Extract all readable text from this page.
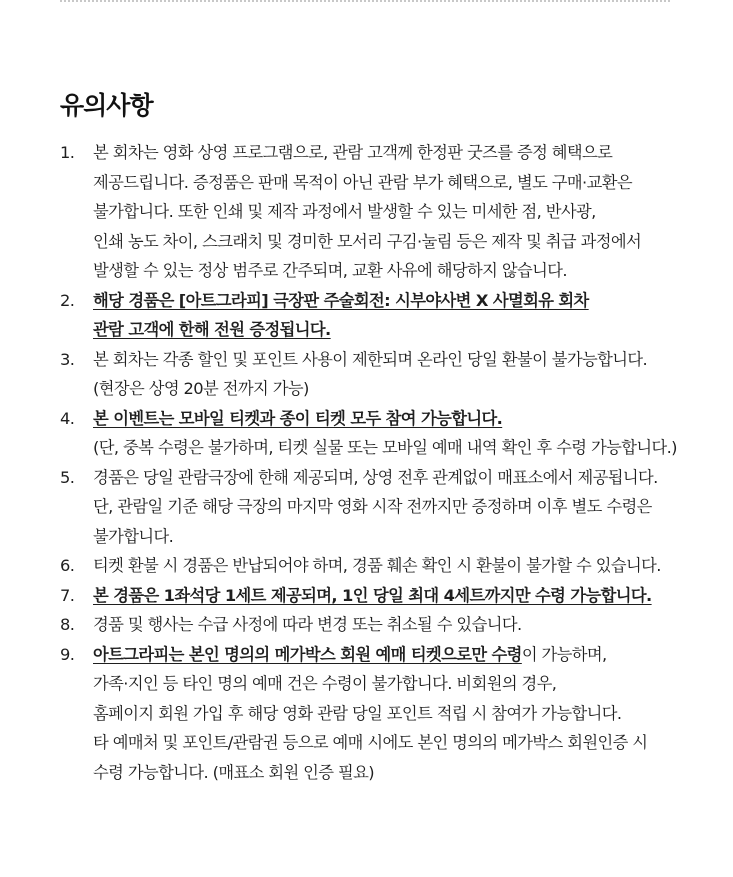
유의사항
1.	본 회차는 영화 상영 프로그램으로, 관람 고객께 한정판 굿즈를 증정 혜택으로
제공드립니다. 증정품은 판매 목적이 아닌 관람 부가 혜택으로, 별도 구매·교환은
불가합니다. 또한 인쇄 및 제작 과정에서 발생할 수 있는 미세한 점, 반사광,
인쇄 농도 차이, 스크래치 및 경미한 모서리 구김·눌림 등은 제작 및 취급 과정에서
발생할 수 있는 정상 범주로 간주되며, 교환 사유에 해당하지 않습니다.
2.	해당 경품은 [아트그라피] 극장판 주술회전: 시부야사변 X 사멸회유 회차
관람 고객에 한해 전원 증정됩니다.
3.	본 회차는 각종 할인 및 포인트 사용이 제한되며 온라인 당일 환불이 불가능합니다.
(현장은 상영 20분 전까지 가능)
4.	본 이벤트는 모바일 티켓과 종이 티켓 모두 참여 가능합니다.
(단, 중복 수령은 불가하며, 티켓 실물 또는 모바일 예매 내역 확인 후 수령 가능합니다.)
5.	경품은 당일 관람극장에 한해 제공되며, 상영 전후 관계없이 매표소에서 제공됩니다.
단, 관람일 기준 해당 극장의 마지막 영화 시작 전까지만 증정하며 이후 별도 수령은
불가합니다.
6.	티켓 환불 시 경품은 반납되어야 하며, 경품 훼손 확인 시 환불이 불가할 수 있습니다.
7.	본 경품은 1좌석당 1세트 제공되며, 1인 당일 최대 4세트까지만 수령 가능합니다.
8.	경품 및 행사는 수급 사정에 따라 변경 또는 취소될 수 있습니다.
9.	아트그라피는 본인 명의의 메가박스 회원 예매 티켓으로만 수령이 가능하며,
가족·지인 등 타인 명의 예매 건은 수령이 불가합니다. 비회원의 경우,
홈페이지 회원 가입 후 해당 영화 관람 당일 포인트 적립 시 참여가 가능합니다.
타 예매처 및 포인트/관람권 등으로 예매 시에도 본인 명의의 메가박스 회원인증 시
수령 가능합니다. (매표소 회원 인증 필요)
